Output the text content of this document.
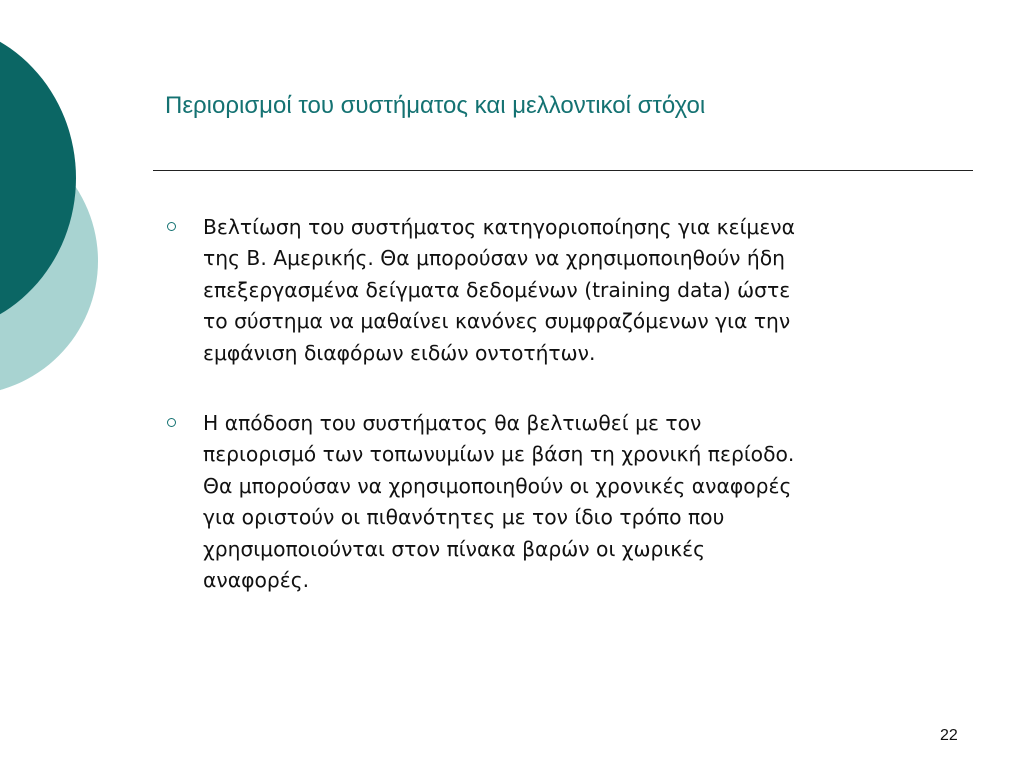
Περιορισμοί του συστήματος και μελλοντικοί στόχοι
Βελτίωση του συστήματος κατηγοριοποίησης για κείμενα
της Β. Αμερικής. Θα μπορούσαν να χρησιμοποιηθούν ήδη
επεξεργασμένα δείγματα δεδομένων (training data) ώστε
το σύστημα να μαθαίνει κανόνες συμφραζόμενων για την
εμφάνιση διαφόρων ειδών οντοτήτων.
Η απόδοση του συστήματος θα βελτιωθεί με τον
περιορισμό των τοπωνυμίων με βάση τη χρονική περίοδο.
Θα μπορούσαν να χρησιμοποιηθούν οι χρονικές αναφορές
για οριστούν οι πιθανότητες με τον ίδιο τρόπο που
χρησιμοποιούνται στον πίνακα βαρών οι χωρικές
αναφορές.
22
